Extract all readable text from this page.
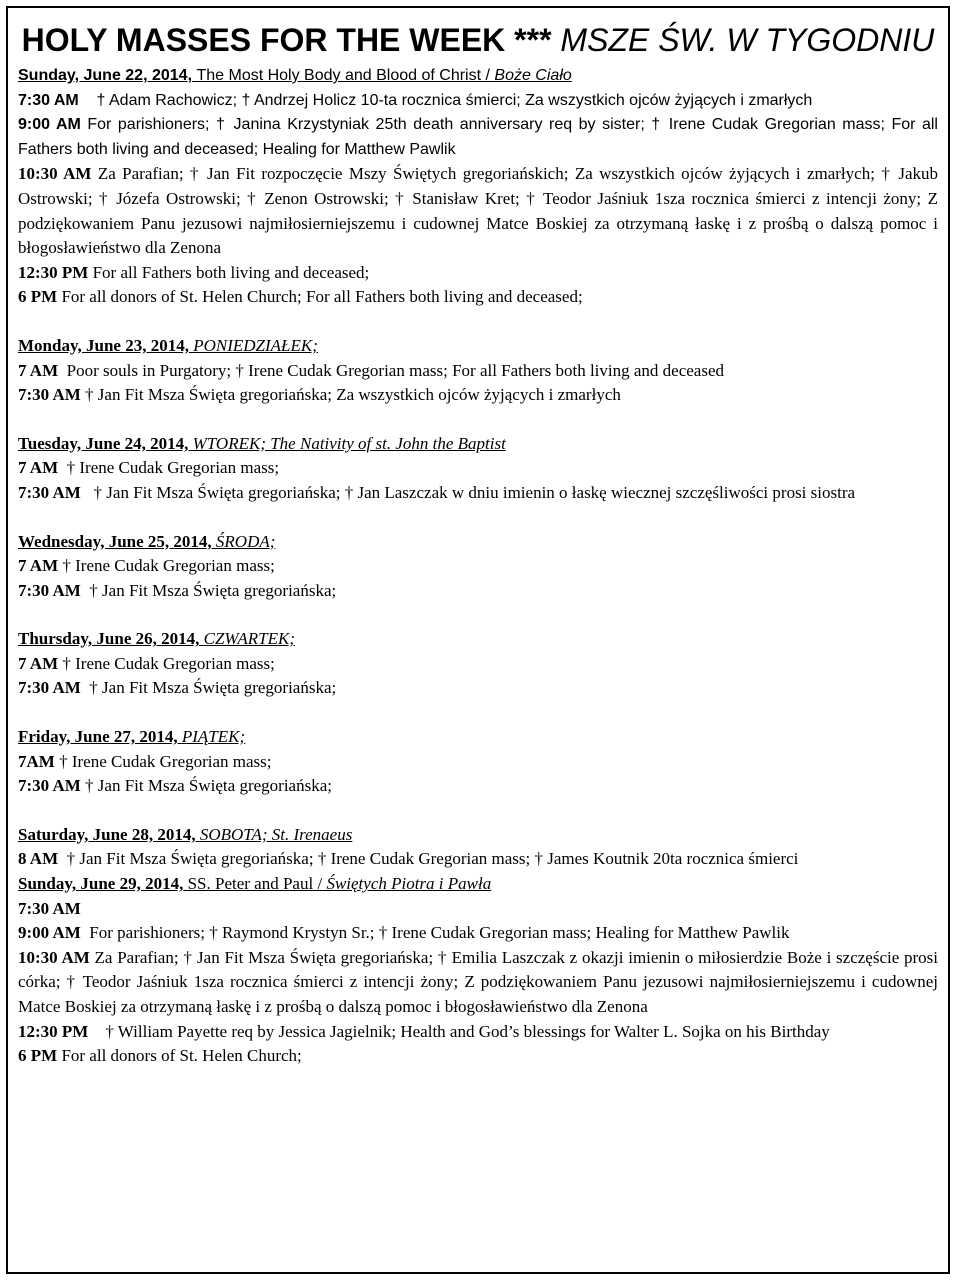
HOLY MASSES FOR THE WEEK *** MSZE ŚW. W TYGODNIU

Sunday, June 22, 2014, The Most Holy Body and Blood of Christ / Boże Ciało

7:30 AM † Adam Rachowicz; † Andrzej Holicz 10-ta rocznica śmierci; Za wszystkich ojców żyjących i zmarłych

9:00 AM For parishioners; † Janina Krzystyniak 25th death anniversary req by sister; † Irene Cudak Gregorian mass; For all Fathers both living and deceased; Healing for Matthew Pawlik

10:30 AM Za Parafian; † Jan Fit rozpoczęcie Mszy Świętych gregoriańskich; Za wszystkich ojców żyjących i zmarłych; † Jakub Ostrowski; † Józefa Ostrowski; † Zenon Ostrowski; † Stanisław Kret; † Teodor Jaśniuk 1sza rocznica śmierci z intencji żony; Z podziękowaniem Panu jezusowi najmiłosierniejszemu i cudownej Matce Boskiej za otrzymaną łaskę i z prośbą o dalszą pomoc i błogosławieństwo dla Zenona

12:30 PM For all Fathers both living and deceased;

6 PM For all donors of St. Helen Church; For all Fathers both living and deceased;

Monday, June 23, 2014, PONIEDZIAŁEK;

7 AM Poor souls in Purgatory; † Irene Cudak Gregorian mass; For all Fathers both living and deceased

7:30 AM † Jan Fit Msza Święta gregoriańska; Za wszystkich ojców żyjących i zmarłych

Tuesday, June 24, 2014, WTOREK; The Nativity of st. John the Baptist

7 AM † Irene Cudak Gregorian mass;

7:30 AM † Jan Fit Msza Święta gregoriańska; † Jan Laszczak w dniu imienin o łaskę wiecznej szczęśliwości prosi siostra

Wednesday, June 25, 2014, ŚRODA;

7 AM † Irene Cudak Gregorian mass;

7:30 AM † Jan Fit Msza Święta gregoriańska;

Thursday, June 26, 2014, CZWARTEK;

7 AM † Irene Cudak Gregorian mass;

7:30 AM † Jan Fit Msza Święta gregoriańska;

Friday, June 27, 2014, PIĄTEK;

7AM † Irene Cudak Gregorian mass;

7:30 AM † Jan Fit Msza Święta gregoriańska;

Saturday, June 28, 2014, SOBOTA; St. Irenaeus

8 AM † Jan Fit Msza Święta gregoriańska; † Irene Cudak Gregorian mass; † James Koutnik 20ta rocznica śmierci

Sunday, June 29, 2014, SS. Peter and Paul / Świętych Piotra i Pawła

7:30 AM

9:00 AM For parishioners; † Raymond Krystyn Sr.; † Irene Cudak Gregorian mass; Healing for Matthew Pawlik

10:30 AM Za Parafian; † Jan Fit Msza Święta gregoriańska; † Emilia Laszczak z okazji imienin o miłosierdzie Boże i szczęście prosi córka; † Teodor Jaśniuk 1sza rocznica śmierci z intencji żony; Z podziękowaniem Panu jezusowi najmiłosierniejszemu i cudownej Matce Boskiej za otrzymaną łaskę i z prośbą o dalszą pomoc i błogosławieństwo dla Zenona

12:30 PM † William Payette req by Jessica Jagielnik; Health and God’s blessings for Walter L. Sojka on his Birthday

6 PM For all donors of St. Helen Church;
